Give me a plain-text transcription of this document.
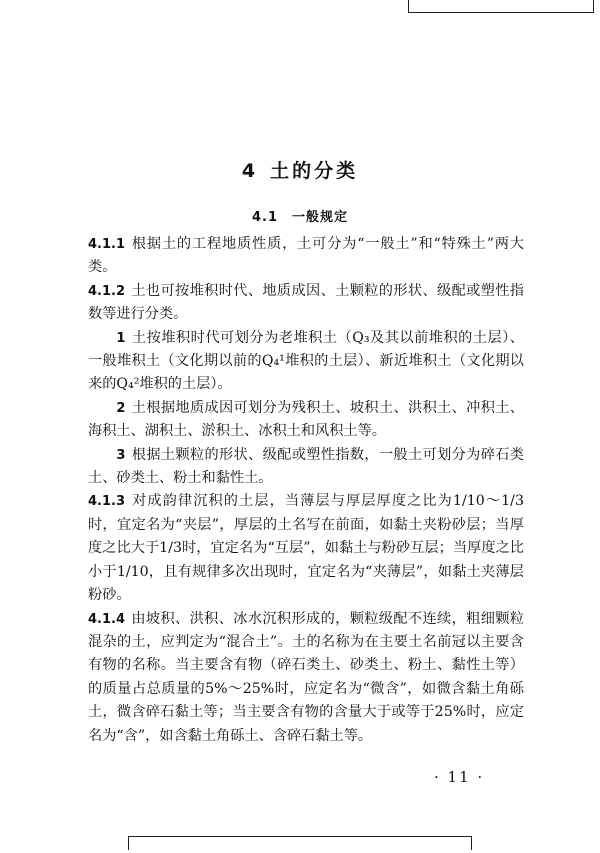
4 土的分类
4.1 一般规定

4.1.1 根据土的工程地质性质，土可分为“一般土”和“特殊土”两大类。

4.1.2 土也可按堆积时代、地质成因、土颗粒的形状、级配或塑性指数等进行分类。

1 土按堆积时代可划分为老堆积土（Q₃及其以前堆积的土层）、一般堆积土（文化期以前的Q₄¹堆积的土层）、新近堆积土（文化期以来的Q₄²堆积的土层）。

2 土根据地质成因可划分为残积土、坡积土、洪积土、冲积土、海积土、湖积土、淤积土、冰积土和风积土等。

3 根据土颗粒的形状、级配或塑性指数，一般土可划分为碎石类土、砂类土、粉土和黏性土。

4.1.3 对成韵律沉积的土层，当薄层与厚层厚度之比为1/10～1/3时，宜定名为“夹层”，厚层的土名写在前面，如黏土夹粉砂层；当厚度之比大于1/3时，宜定名为“互层”，如黏土与粉砂互层；当厚度之比小于1/10，且有规律多次出现时，宜定名为“夹薄层”，如黏土夹薄层粉砂。

4.1.4 由坡积、洪积、冰水沉积形成的，颗粒级配不连续，粗细颗粒混杂的土，应判定为“混合土”。土的名称为在主要土名前冠以主要含有物的名称。当主要含有物（碎石类土、砂类土、粉土、黏性土等）的质量占总质量的5%～25%时，应定名为“微含”，如微含黏土角砾土，微含碎石黏土等；当主要含有物的含量大于或等于25%时，应定名为“含”，如含黏土角砾土、含碎石黏土等。

· 11 ·
